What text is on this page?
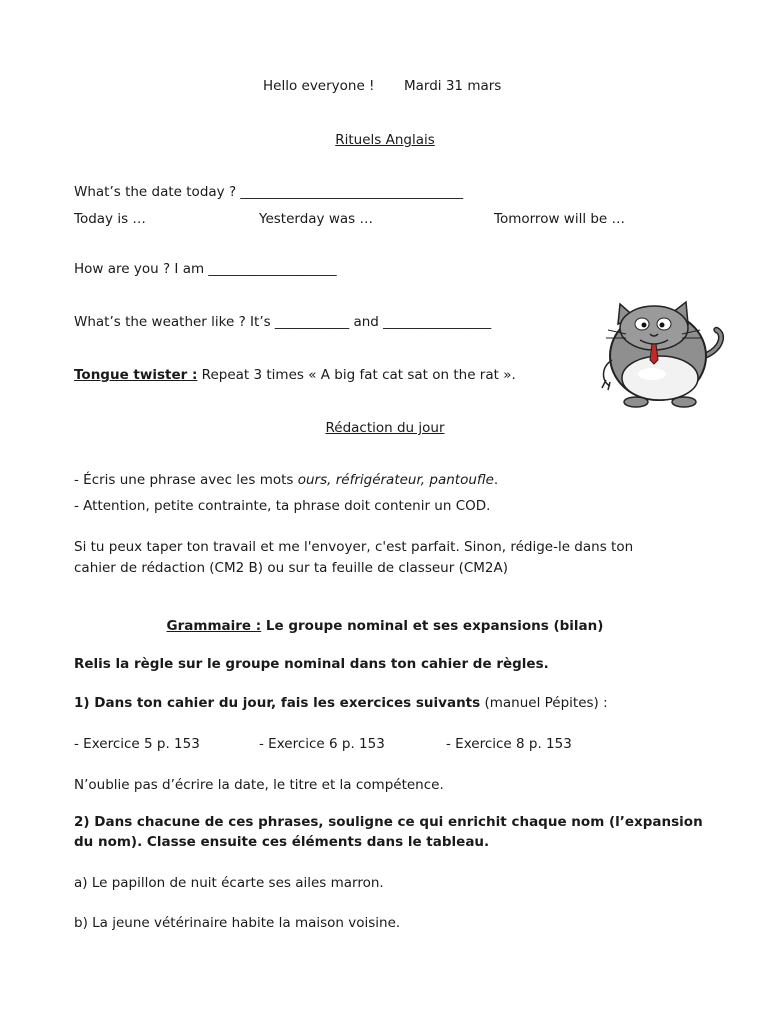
Hello everyone ! Mardi 31 mars
Rituels Anglais
What’s the date today ? _________________________________
Today is …	Yesterday was …	Tomorrow will be …
How are you ? I am ___________________
What’s the weather like ? It’s ___________ and ________________
Tongue twister : Repeat 3 times « A big fat cat sat on the rat ».
Rédaction du jour
- Écris une phrase avec les mots ours, réfrigérateur, pantoufle.
- Attention, petite contrainte, ta phrase doit contenir un COD.
Si tu peux taper ton travail et me l'envoyer, c'est parfait. Sinon, rédige-le dans ton
cahier de rédaction (CM2 B) ou sur ta feuille de classeur (CM2A)
Grammaire : Le groupe nominal et ses expansions (bilan)
Relis la règle sur le groupe nominal dans ton cahier de règles.
1) Dans ton cahier du jour, fais les exercices suivants (manuel Pépites) :
- Exercice 5 p. 153	- Exercice 6 p. 153	- Exercice 8 p. 153
N’oublie pas d’écrire la date, le titre et la compétence.
2) Dans chacune de ces phrases, souligne ce qui enrichit chaque nom (l’expansion
du nom). Classe ensuite ces éléments dans le tableau.
a) Le papillon de nuit écarte ses ailes marron.
b) La jeune vétérinaire habite la maison voisine.
